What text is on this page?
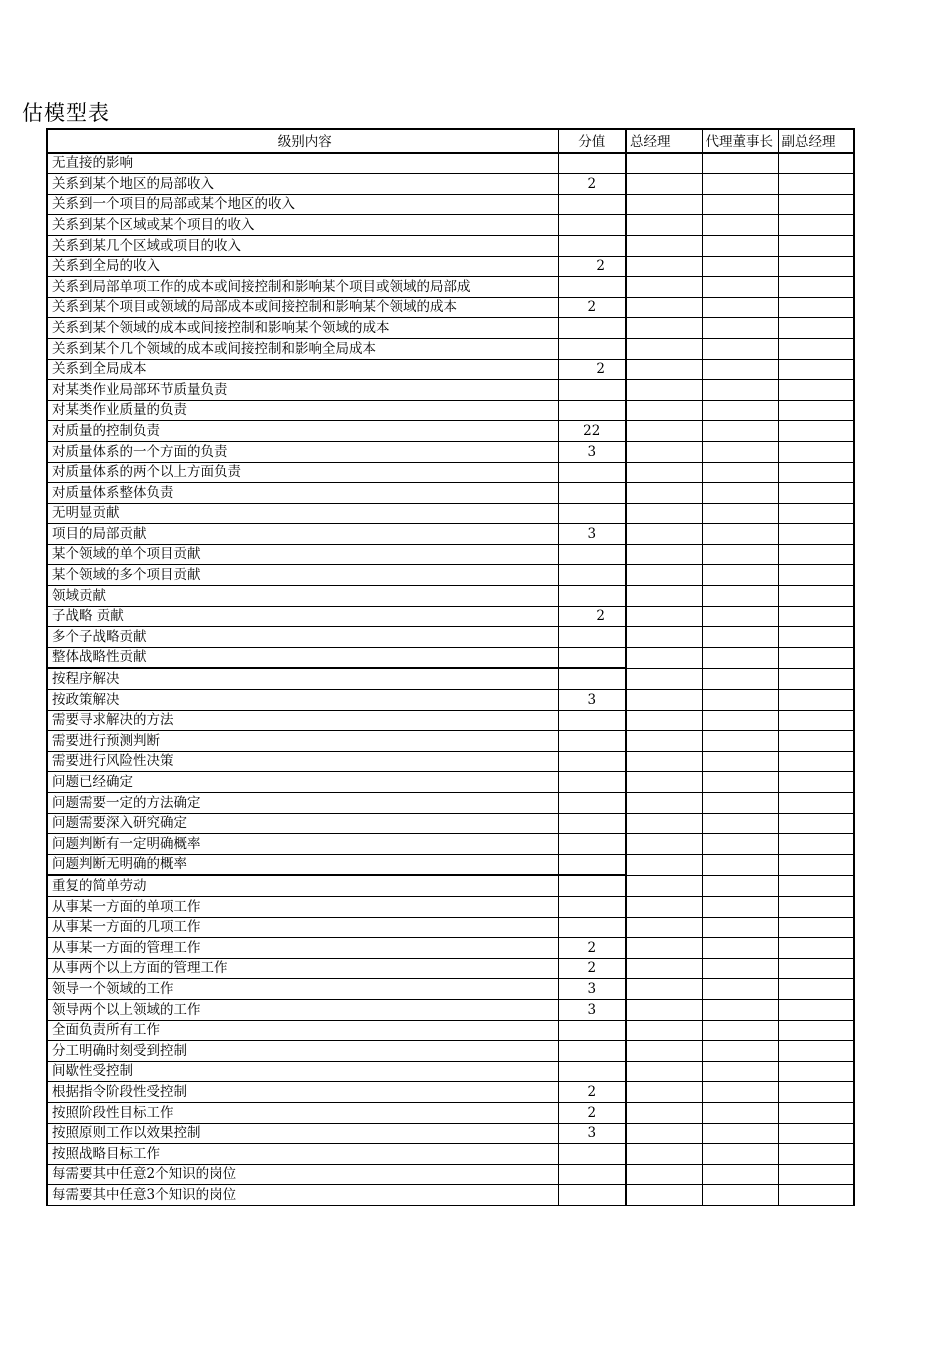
估模型表
级别内容	分值	总经理	代理董事长	副总经理
无直接的影响				
关系到某个地区的局部收入	2			
关系到一个项目的局部或某个地区的收入				
关系到某个区域或某个项目的收入				
关系到某几个区域或项目的收入				
关系到全局的收入	2			
关系到局部单项工作的成本或间接控制和影响某个项目或领域的局部成				
关系到某个项目或领域的局部成本或间接控制和影响某个领域的成本	2			
关系到某个领域的成本或间接控制和影响某个领域的成本				
关系到某个几个领域的成本或间接控制和影响全局成本				
关系到全局成本	2			
对某类作业局部环节质量负责				
对某类作业质量的负责				
对质量的控制负责	22			
对质量体系的一个方面的负责	3			
对质量体系的两个以上方面负责				
对质量体系整体负责				
无明显贡献				
项目的局部贡献	3			
某个领域的单个项目贡献				
某个领域的多个项目贡献				
领域贡献				
子战略 贡献	2			
多个子战略贡献				
整体战略性贡献				
按程序解决				
按政策解决	3			
需要寻求解决的方法				
需要进行预测判断				
需要进行风险性决策				
问题已经确定				
问题需要一定的方法确定				
问题需要深入研究确定				
问题判断有一定明确概率				
问题判断无明确的概率				
重复的简单劳动				
从事某一方面的单项工作				
从事某一方面的几项工作				
从事某一方面的管理工作	2			
从事两个以上方面的管理工作	2			
领导一个领域的工作	3			
领导两个以上领域的工作	3			
全面负责所有工作				
分工明确时刻受到控制				
间歇性受控制				
根据指令阶段性受控制	2			
按照阶段性目标工作	2			
按照原则工作以效果控制	3			
按照战略目标工作				
每需要其中任意2个知识的岗位				
每需要其中任意3个知识的岗位				
